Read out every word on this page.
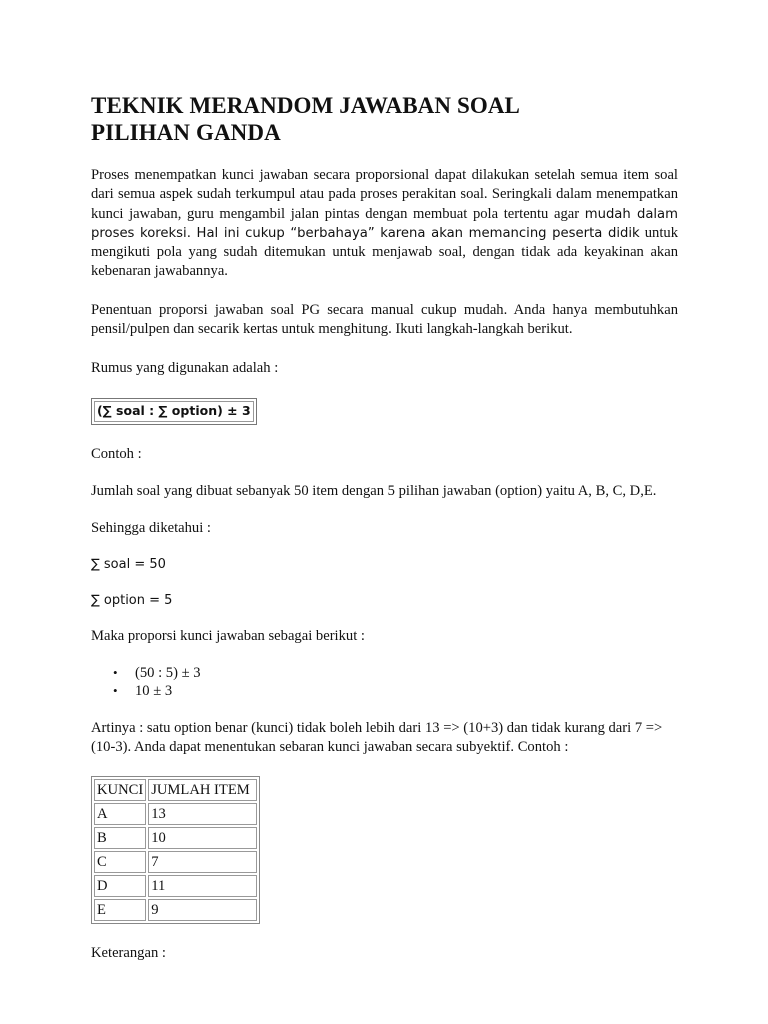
TEKNIK MERANDOM JAWABAN SOAL
PILIHAN GANDA

Proses menempatkan kunci jawaban secara proporsional dapat dilakukan setelah semua item soal dari semua aspek sudah terkumpul atau pada proses perakitan soal. Seringkali dalam menempatkan kunci jawaban, guru mengambil jalan pintas dengan membuat pola tertentu agar mudah dalam proses koreksi. Hal ini cukup “berbahaya” karena akan memancing peserta didik untuk mengikuti pola yang sudah ditemukan untuk menjawab soal, dengan tidak ada keyakinan akan kebenaran jawabannya.

Penentuan proporsi jawaban soal PG secara manual cukup mudah. Anda hanya membutuhkan pensil/pulpen dan secarik kertas untuk menghitung. Ikuti langkah-langkah berikut.

Rumus yang digunakan adalah :

(∑ soal : ∑ option) ± 3

Contoh :

Jumlah soal yang dibuat sebanyak 50 item dengan 5 pilihan jawaban (option) yaitu A, B, C, D,E.

Sehingga diketahui :

∑ soal = 50

∑ option = 5

Maka proporsi kunci jawaban sebagai berikut :

• (50 : 5) ± 3
• 10 ± 3

Artinya : satu option benar (kunci) tidak boleh lebih dari 13 => (10+3) dan tidak kurang dari 7 => (10-3). Anda dapat menentukan sebaran kunci jawaban secara subyektif. Contoh :

KUNCI	JUMLAH ITEM
A	13
B	10
C	7
D	11
E	9

Keterangan :
